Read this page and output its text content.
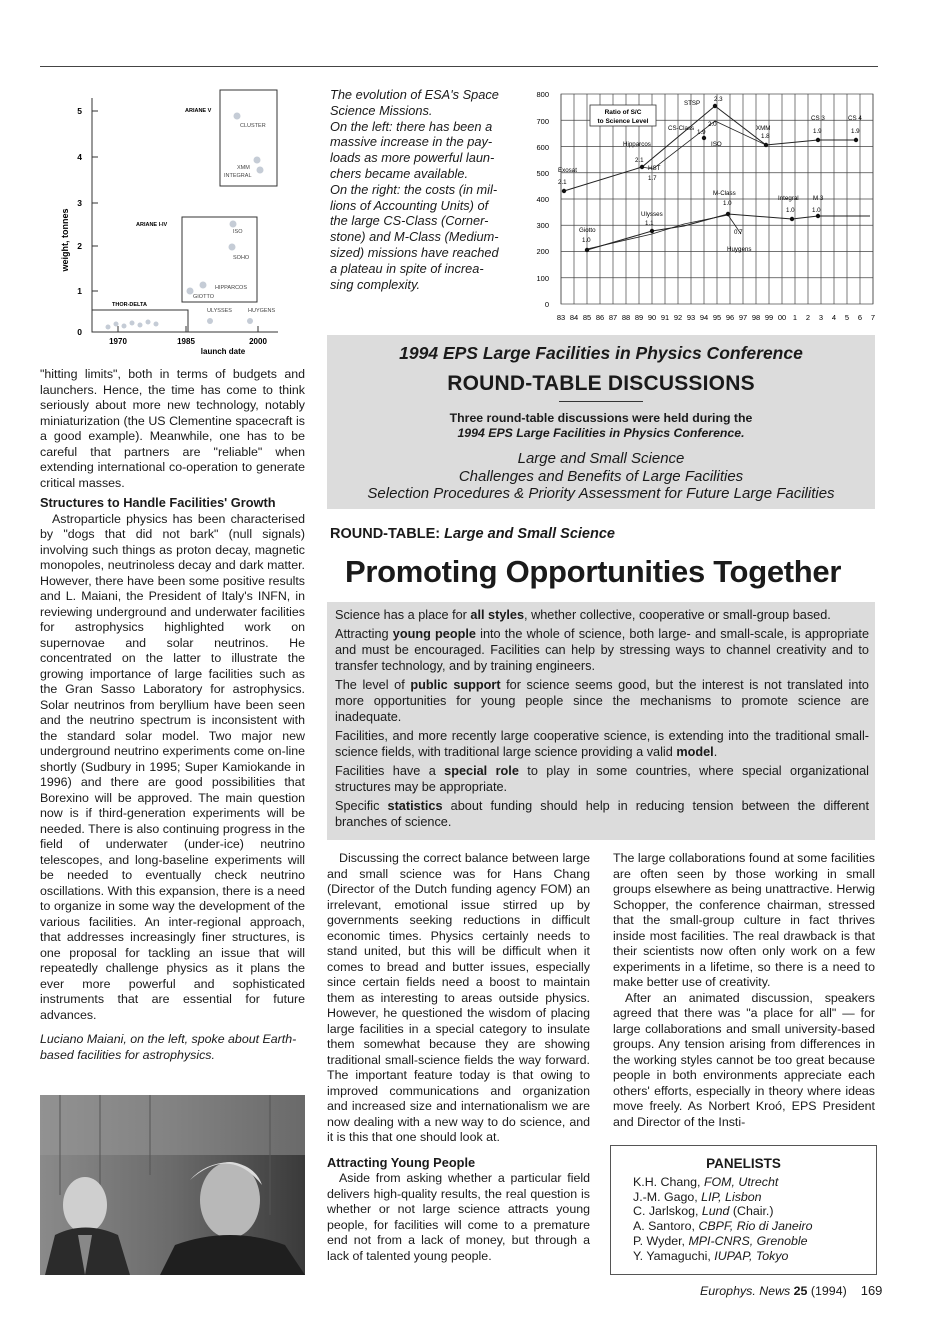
weight, tonnes
5
4
3
2
1
0
1970	1985	2000
launch date
ARIANE V
ARIANE I-IV
THOR-DELTA
CLUSTER
XMM
INTEGRAL
ISO
SOHO
HIPPARCOS
GIOTTO
ULYSSES	HUYGENS
The evolution of ESA's Space
Science Missions.
On the left: there has been a
massive increase in the pay-
loads as more powerful laun-
chers became available.
On the right: the costs (in mil-
lions of Accounting Units) of
the large CS-Class (Corner-
stone) and M-Class (Medium-
sized) missions have reached
a plateau in spite of increa-
sing complexity.
800
700
600
500
400
300
200
100
0
83 84 85 86 87 88 89 90 91 92 93 94 95 96 97 98 99 00 1 2 3 4 5 6 7
Ratio of S/C
to Science Level
STSP
2.3
CS-Class
1.9
2.0
ISO
XMM
1.8
CS 3
1.9
CS 4
1.9
Hipparcos
2.1
HST
1.7
Exosat
2.1
M-Class
1.0
Integral M 3
1.0	1.0
Ulysses
1.1
Giotto
1.0
0.7
Huygens

"hitting limits", both in terms of budgets and launchers. Hence, the time has come to think seriously about more new technology, notably miniaturization (the US Clementine spacecraft is a good example). Meanwhile, one has to be careful that partners are "reliable" when extending international co-operation to generate critical masses.

Structures to Handle Facilities' Growth

Astroparticle physics has been characterised by "dogs that did not bark" (null signals) involving such things as proton decay, magnetic monopoles, neutrinoless decay and dark matter. However, there have been some positive results and L. Maiani, the President of Italy's INFN, in reviewing underground and underwater facilities for astrophysics highlighted work on supernovae and solar neutrinos. He concentrated on the latter to illustrate the growing importance of large facilities such as the Gran Sasso Laboratory for astrophysics. Solar neutrinos from beryllium have been seen and the neutrino spectrum is inconsistent with the standard solar model. Two major new underground neutrino experiments come on-line shortly (Sudbury in 1995; Super Kamiokande in 1996) and there are good possibilities that Borexino will be approved. The main question now is if third-generation experiments will be needed. There is also continuing progress in the field of underwater (under-ice) neutrino telescopes, and long-baseline experiments will be needed to eventually check neutrino oscillations. With this expansion, there is a need to organize in some way the development of the various facilities. An inter-regional approach, that addresses increasingly finer structures, is one proposal for tackling an issue that will repeatedly challenge physics as it plans the ever more powerful and sophisticated instruments that are essential for future advances.

Luciano Maiani, on the left, spoke about Earth-based facilities for astrophysics.

1994 EPS Large Facilities in Physics Conference
ROUND-TABLE DISCUSSIONS
Three round-table discussions were held during the
1994 EPS Large Facilities in Physics Conference.
Large and Small Science
Challenges and Benefits of Large Facilities
Selection Procedures & Priority Assessment for Future Large Facilities
ROUND-TABLE: Large and Small Science
Promoting Opportunities Together

Science has a place for all styles, whether collective, cooperative or small-group based.

Attracting young people into the whole of science, both large- and small-scale, is appropriate and must be encouraged. Facilities can help by stressing ways to channel creativity and to transfer technology, and by training engineers.

The level of public support for science seems good, but the interest is not translated into more opportunities for young people since the mechanisms to promote science are inadequate.

Facilities, and more recently large cooperative science, is extending into the traditional small-science fields, with traditional large science providing a valid model.

Facilities have a special role to play in some countries, where special organizational structures may be appropriate.

Specific statistics about funding should help in reducing tension between the different branches of science.

Discussing the correct balance between large and small science was for Hans Chang (Director of the Dutch funding agency FOM) an irrelevant, emotional issue stirred up by governments seeking reductions in difficult economic times. Physics certainly needs to stand united, but this will be difficult when it comes to bread and butter issues, especially since certain fields need a boost to maintain them as interesting to areas outside physics. However, he questioned the wisdom of placing large facilities in a special category to insulate them somewhat because they are showing traditional small-science fields the way forward. The important feature today is that owing to improved communications and organization and increased size and internationalism we are now dealing with a new way to do science, and it is this that one should look at.

Attracting Young People

Aside from asking whether a particular field delivers high-quality results, the real question is whether or not large science attracts young people, for facilities will come to a premature end not from a lack of money, but through a lack of talented young people.

The large collaborations found at some facilities are often seen by those working in small groups elsewhere as being unattractive. Herwig Schopper, the conference chairman, stressed that the small-group culture in fact thrives inside most facilities. The real drawback is that their scientists now often only work on a few experiments in a lifetime, so there is a need to make better use of creativity.

After an animated discussion, speakers agreed that there was "a place for all" — for large collaborations and small university-based groups. Any tension arising from differences in the working styles cannot be too great because people in both environments appreciate each others' efforts, especially in theory where ideas move freely. As Norbert Kroó, EPS President and Director of the Insti-

PANELISTS
K.H. Chang, FOM, Utrecht
J.-M. Gago, LIP, Lisbon
C. Jarlskog, Lund (Chair.)
A. Santoro, CBPF, Rio di Janeiro
P. Wyder, MPI-CNRS, Grenoble
Y. Yamaguchi, IUPAP, Tokyo
Europhys. News 25 (1994) 169
